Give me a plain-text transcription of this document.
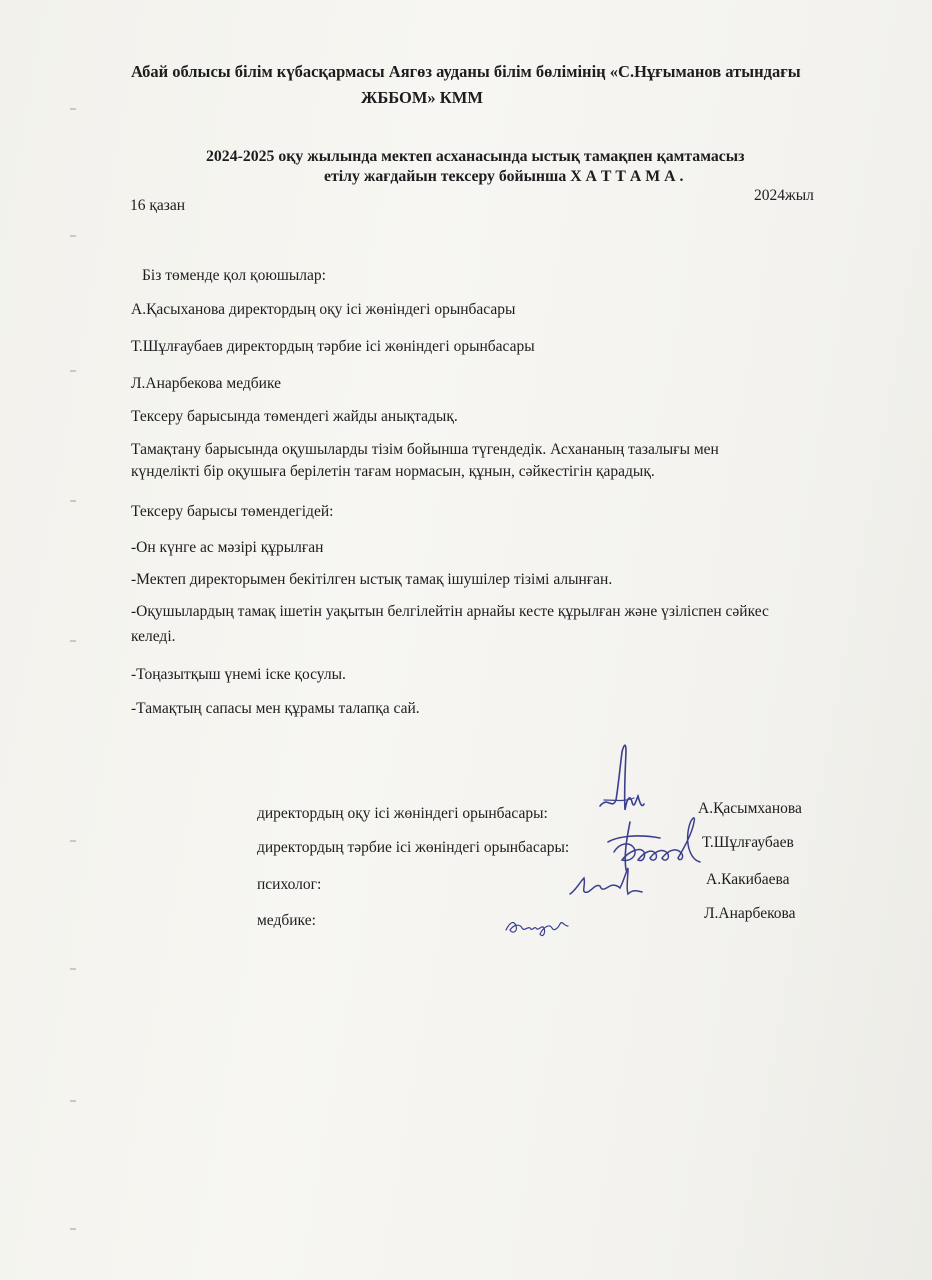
Абай облысы білім күбасқармасы Аягөз ауданы білім бөлімінің «С.Нұғыманов атындағы
ЖББОМ» КММ
2024-2025 оқу жылында мектеп асханасында ыстық тамақпен қамтамасыз
етілу жағдайын тексеру бойынша Х А Т Т А М А .
16 қазан
2024жыл
Біз төменде қол қоюшылар:
А.Қасыханова директордың оқу ісі жөніндегі орынбасары
Т.Шұлғаубаев директордың тәрбие ісі жөніндегі орынбасары
Л.Анарбекова медбике
Тексеру барысында төмендегі жайды анықтадық.
Тамақтану барысында оқушыларды тізім бойынша түгендедік. Асхананың тазалығы мен
күнделікті бір оқушыға берілетін тағам нормасын, құнын, сәйкестігін қарадық.
Тексеру барысы төмендегідей:
-Он күнге ас мәзірі құрылған
-Мектеп директорымен бекітілген ыстық тамақ ішушілер тізімі алынған.
-Оқушылардың тамақ ішетін уақытын белгілейтін арнайы кесте құрылған және үзіліспен сәйкес
келеді.
-Тоңазытқыш үнемі іске қосулы.
-Тамақтың сапасы мен құрамы талапқа сай.
директордың оқу ісі жөніндегі орынбасары:	А.Қасымханова
директордың тәрбие ісі жөніндегі орынбасары:	Т.Шұлғаубаев
психолог:	А.Какибаева
медбике:	Л.Анарбекова
